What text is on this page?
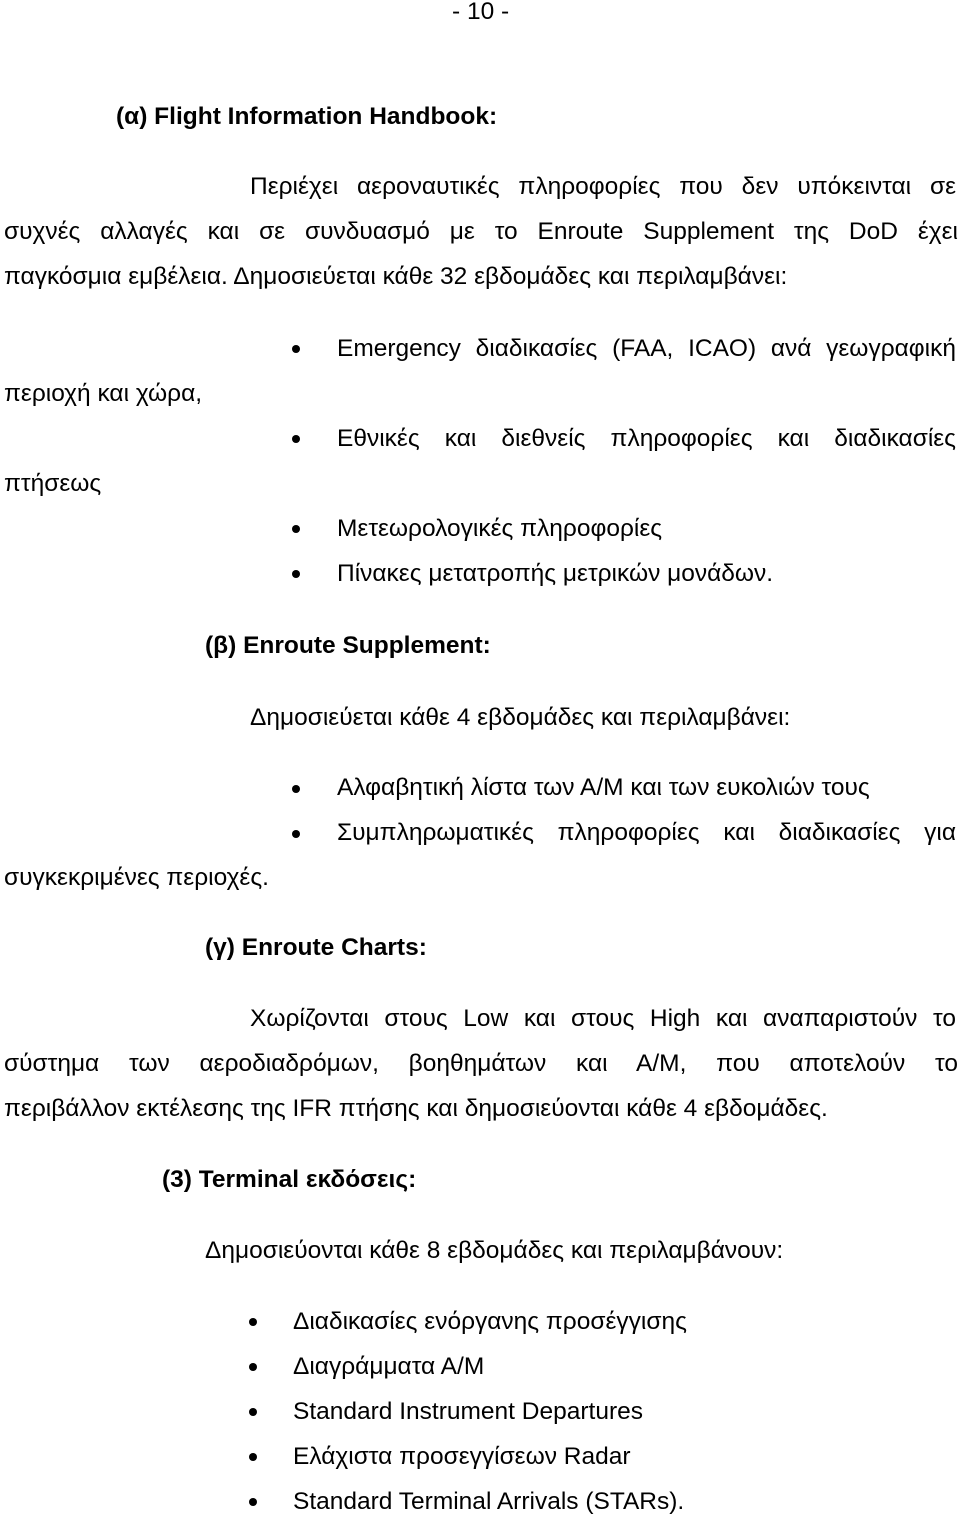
- 10 -
(α) Flight Information Handbook:
Περιέχει αεροναυτικές πληροφορίες που δεν υπόκεινται σε
συχνές αλλαγές και σε συνδυασμό με το Enroute Supplement της DoD έχει
παγκόσμια εμβέλεια. Δημοσιεύεται κάθε 32 εβδομάδες και περιλαμβάνει:
Emergency διαδικασίες (FAA, ICAO) ανά γεωγραφική
περιοχή και χώρα,
Εθνικές και διεθνείς πληροφορίες και διαδικασίες
πτήσεως
Μετεωρολογικές πληροφορίες
Πίνακες μετατροπής μετρικών μονάδων.
(β) Enroute Supplement:
Δημοσιεύεται κάθε 4 εβδομάδες και περιλαμβάνει:
Αλφαβητική λίστα των Α/Μ και των ευκολιών τους
Συμπληρωματικές πληροφορίες και διαδικασίες για
συγκεκριμένες περιοχές.
(γ) Enroute Charts:
Χωρίζονται στους Low και στους High και αναπαριστούν το
σύστημα των αεροδιαδρόμων, βοηθημάτων και Α/Μ, που αποτελούν το
περιβάλλον εκτέλεσης της IFR πτήσης και δημοσιεύονται κάθε 4 εβδομάδες.
(3) Terminal εκδόσεις:
Δημοσιεύονται κάθε 8 εβδομάδες και περιλαμβάνουν:
Διαδικασίες ενόργανης προσέγγισης
Διαγράμματα Α/Μ
Standard Instrument Departures
Ελάχιστα προσεγγίσεων Radar
Standard Terminal Arrivals (STARs).
